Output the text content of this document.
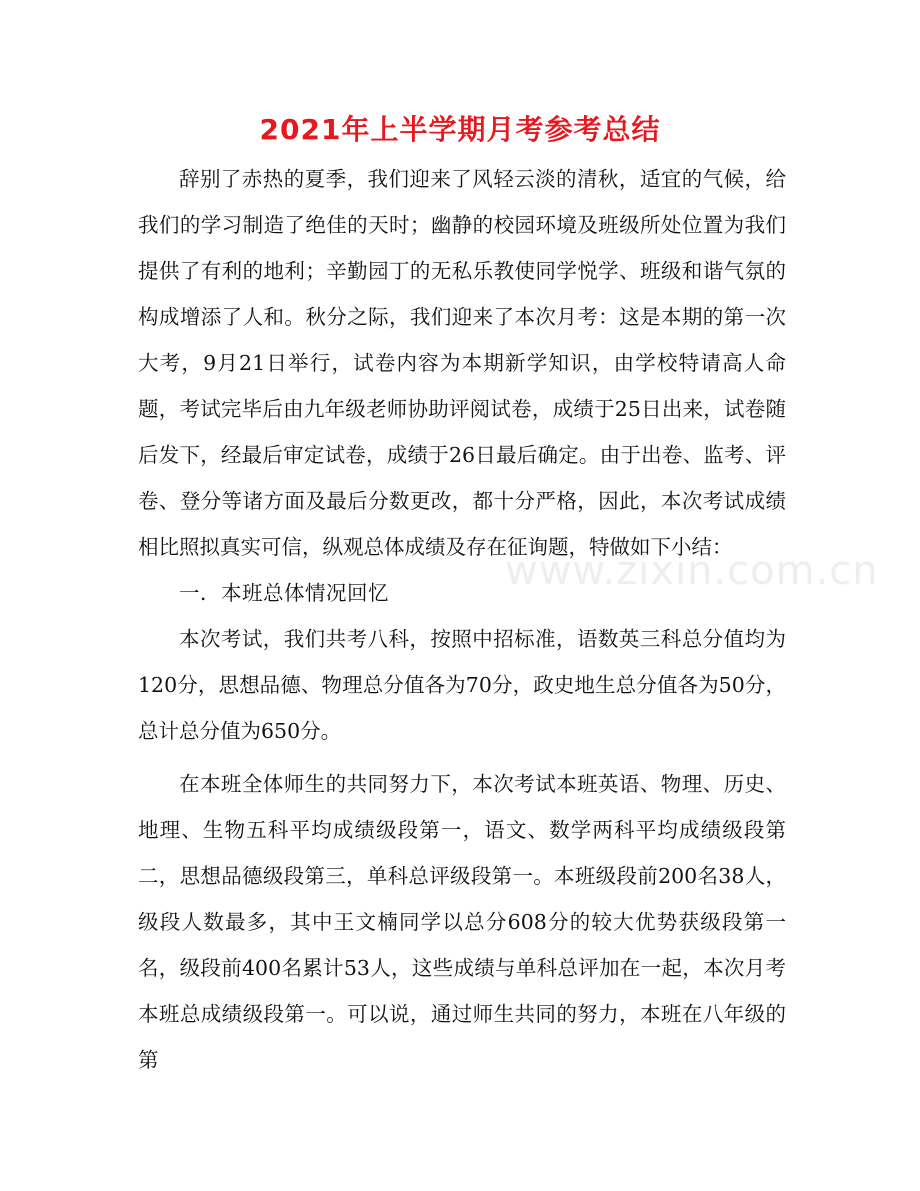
2021年上半学期月考参考总结

辞别了赤热的夏季，我们迎来了风轻云淡的清秋，适宜的气候，给我们的学习制造了绝佳的天时；幽静的校园环境及班级所处位置为我们提供了有利的地利；辛勤园丁的无私乐教使同学悦学、班级和谐气氛的构成增添了人和。秋分之际，我们迎来了本次月考：这是本期的第一次大考，9月21日举行，试卷内容为本期新学知识，由学校特请高人命题，考试完毕后由九年级老师协助评阅试卷，成绩于25日出来，试卷随后发下，经最后审定试卷，成绩于26日最后确定。由于出卷、监考、评卷、登分等诸方面及最后分数更改，都十分严格，因此，本次考试成绩相比照拟真实可信，纵观总体成绩及存在征询题，特做如下小结：

一．本班总体情况回忆

本次考试，我们共考八科，按照中招标准，语数英三科总分值均为120分，思想品德、物理总分值各为70分，政史地生总分值各为50分，总计总分值为650分。

在本班全体师生的共同努力下，本次考试本班英语、物理、历史、地理、生物五科平均成绩级段第一，语文、数学两科平均成绩级段第二，思想品德级段第三，单科总评级段第一。本班级段前200名38人，级段人数最多，其中王文楠同学以总分608分的较大优势获级段第一名，级段前400名累计53人，这些成绩与单科总评加在一起，本次月考本班总成绩级段第一。可以说，通过师生共同的努力，本班在八年级的第

www.zixin.com.cn
